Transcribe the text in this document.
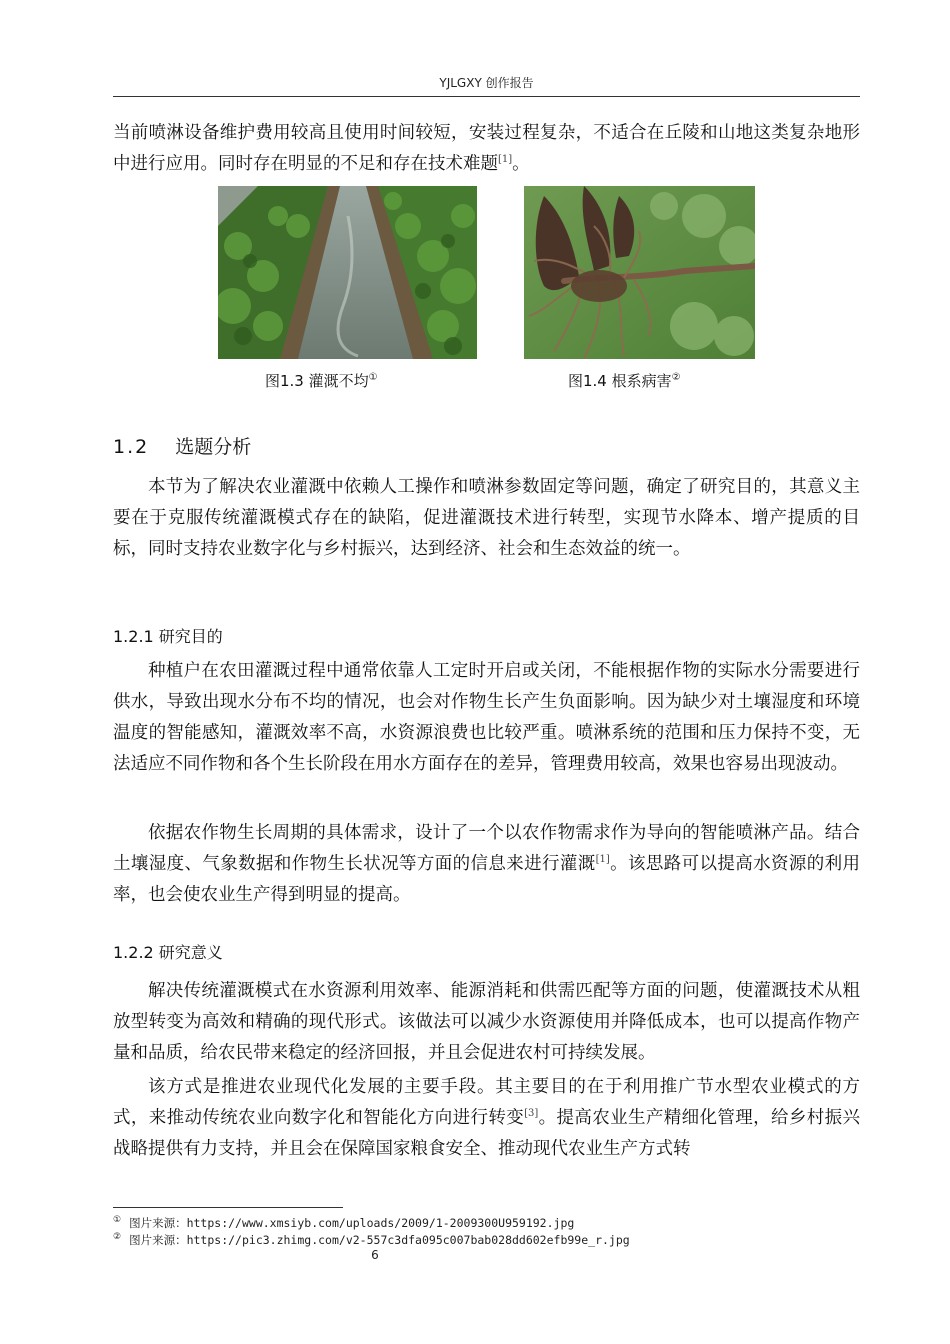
YJLGXY 创作报告

当前喷淋设备维护费用较高且使用时间较短，安装过程复杂，不适合在丘陵和山地这类复杂地形中进行应用。同时存在明显的不足和存在技术难题[1]。

图1.3 灌溉不均①	图1.4 根系病害②
1.2 选题分析

本节为了解决农业灌溉中依赖人工操作和喷淋参数固定等问题，确定了研究目的，其意义主要在于克服传统灌溉模式存在的缺陷，促进灌溉技术进行转型，实现节水降本、增产提质的目标，同时支持农业数字化与乡村振兴，达到经济、社会和生态效益的统一。

1.2.1 研究目的

种植户在农田灌溉过程中通常依靠人工定时开启或关闭，不能根据作物的实际水分需要进行供水，导致出现水分布不均的情况，也会对作物生长产生负面影响。因为缺少对土壤湿度和环境温度的智能感知，灌溉效率不高，水资源浪费也比较严重。喷淋系统的范围和压力保持不变，无法适应不同作物和各个生长阶段在用水方面存在的差异，管理费用较高，效果也容易出现波动。

依据农作物生长周期的具体需求，设计了一个以农作物需求作为导向的智能喷淋产品。结合土壤湿度、气象数据和作物生长状况等方面的信息来进行灌溉[1]。该思路可以提高水资源的利用率，也会使农业生产得到明显的提高。

1.2.2 研究意义

解决传统灌溉模式在水资源利用效率、能源消耗和供需匹配等方面的问题，使灌溉技术从粗放型转变为高效和精确的现代形式。该做法可以减少水资源使用并降低成本，也可以提高作物产量和品质，给农民带来稳定的经济回报，并且会促进农村可持续发展。

该方式是推进农业现代化发展的主要手段。其主要目的在于利用推广节水型农业模式的方式，来推动传统农业向数字化和智能化方向进行转变[3]。提高农业生产精细化管理，给乡村振兴战略提供有力支持，并且会在保障国家粮食安全、推动现代农业生产方式转

① 图片来源：https://www.xmsiyb.com/uploads/2009/1-2009300U959192.jpg
② 图片来源：https://pic3.zhimg.com/v2-557c3dfa095c007bab028dd602efb99e_r.jpg
6
